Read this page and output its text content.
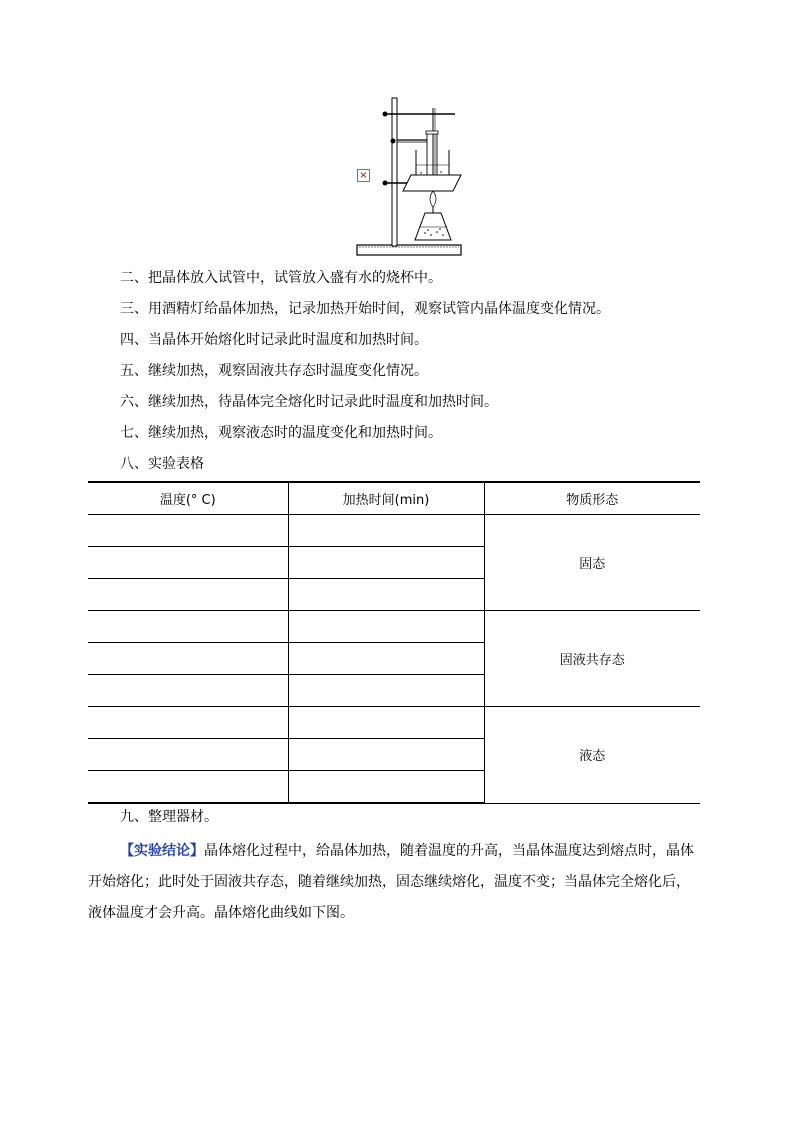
×
二、把晶体放入试管中，试管放入盛有水的烧杯中。
三、用酒精灯给晶体加热，记录加热开始时间，观察试管内晶体温度变化情况。
四、当晶体开始熔化时记录此时温度和加热时间。
五、继续加热，观察固液共存态时温度变化情况。
六、继续加热，待晶体完全熔化时记录此时温度和加热时间。
七、继续加热，观察液态时的温度变化和加热时间。
八、实验表格
温度(° C)	加热时间(min)	物质形态
		固态

		固液共存态

		液态

九、整理器材。
【实验结论】晶体熔化过程中，给晶体加热，随着温度的升高，当晶体温度达到熔点时，晶体开始熔化；此时处于固液共存态，随着继续加热，固态继续熔化，温度不变；当晶体完全熔化后，液体温度才会升高。晶体熔化曲线如下图。
